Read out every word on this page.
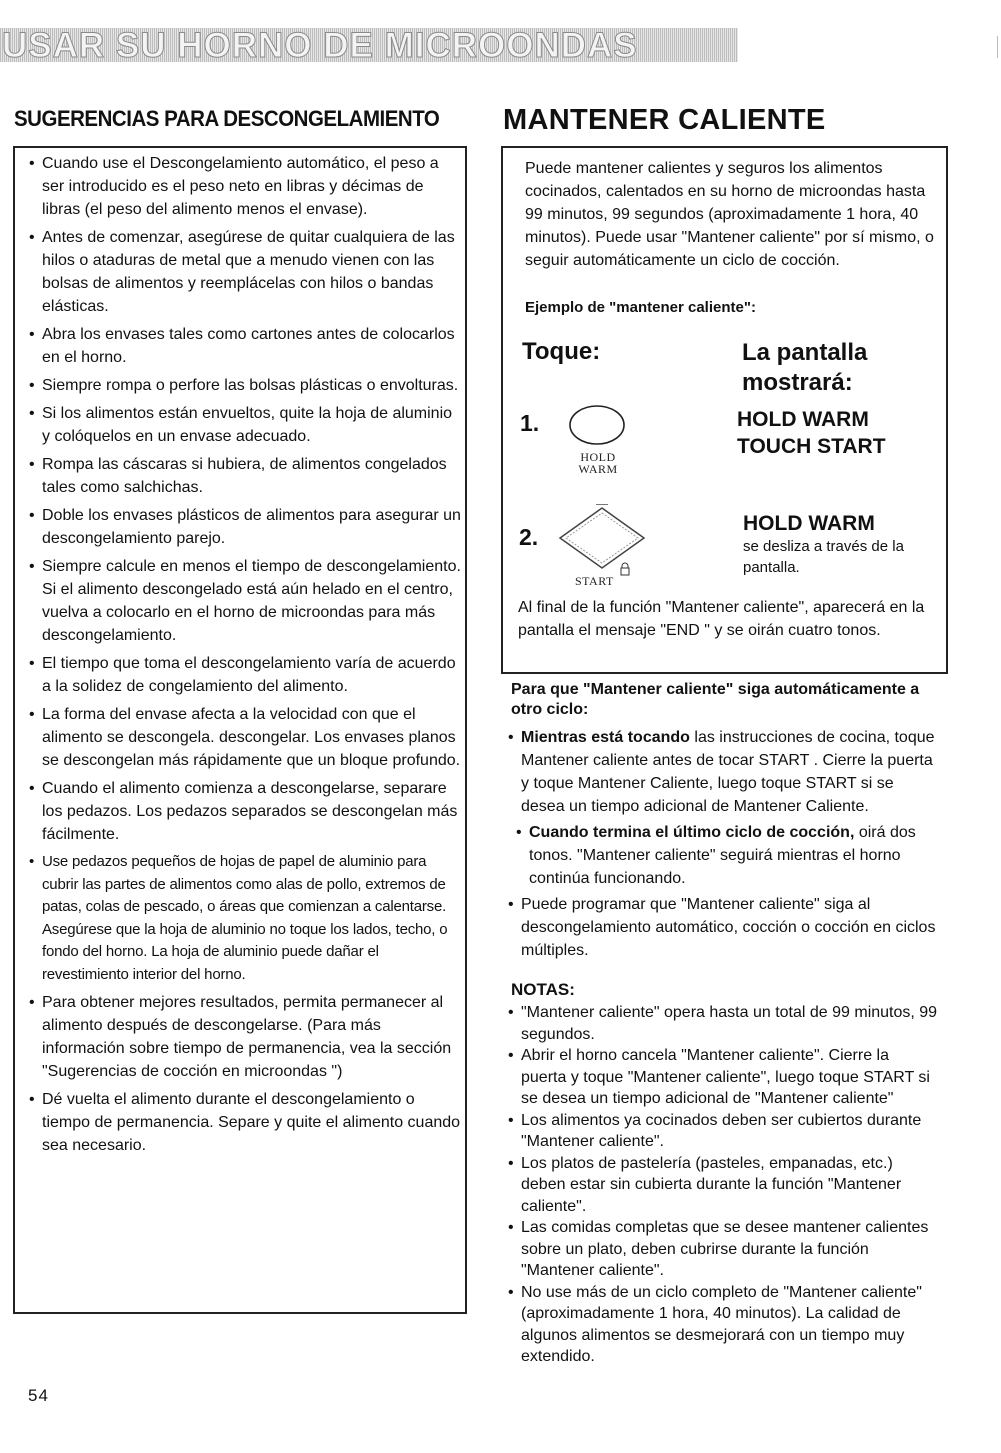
USAR SU HORNO DE MICROONDAS
SUGERENCIAS PARA DESCONGELAMIENTO	MANTENER CALIENTE
• Cuando use el Descongelamiento automático, el peso a ser introducido es el peso neto en libras y décimas de libras (el peso del alimento menos el envase).
• Antes de comenzar, asegúrese de quitar cualquiera de las hilos o ataduras de metal que a menudo vienen con las bolsas de alimentos y reemplácelas con hilos o bandas elásticas.
• Abra los envases tales como cartones antes de colocarlos en el horno.
• Siempre rompa o perfore las bolsas plásticas o envolturas.
• Si los alimentos están envueltos, quite la hoja de aluminio y colóquelos en un envase adecuado.
• Rompa las cáscaras si hubiera, de alimentos congelados tales como salchichas.
• Doble los envases plásticos de alimentos para asegurar un descongelamiento parejo.
• Siempre calcule en menos el tiempo de descongelamiento. Si el alimento descongelado está aún helado en el centro, vuelva a colocarlo en el horno de microondas para más descongelamiento.
• El tiempo que toma el descongelamiento varía de acuerdo a la solidez de congelamiento del alimento.
• La forma del envase afecta a la velocidad con que el alimento se descongela. descongelar. Los envases planos se descongelan más rápidamente que un bloque profundo.
• Cuando el alimento comienza a descongelarse, separare los pedazos. Los pedazos separados se descongelan más fácilmente.
• Use pedazos pequeños de hojas de papel de aluminio para cubrir las partes de alimentos como alas de pollo, extremos de patas, colas de pescado, o áreas que comienzan a calentarse. Asegúrese que la hoja de aluminio no toque los lados, techo, o fondo del horno. La hoja de aluminio puede dañar el revestimiento interior del horno.
• Para obtener mejores resultados, permita permanecer al alimento después de descongelarse. (Para más información sobre tiempo de permanencia, vea la sección "Sugerencias de cocción en microondas ")
• Dé vuelta el alimento durante el descongelamiento o tiempo de permanencia. Separe y quite el alimento cuando sea necesario.

Puede mantener calientes y seguros los alimentos cocinados, calentados en su horno de microondas hasta 99 minutos, 99 segundos (aproximadamente 1 hora, 40 minutos). Puede usar "Mantener caliente" por sí mismo, o seguir automáticamente un ciclo de cocción.

Ejemplo de "mantener caliente":

Toque:	La pantalla mostrará:

1.
HOLD
WARM
HOLD WARM
TOUCH START
2.
START
HOLD WARM
se desliza a través de la pantalla.

Al final de la función "Mantener caliente", aparecerá en la pantalla el mensaje "END " y se oirán cuatro tonos.

Para que "Mantener caliente" siga automáticamente a otro ciclo:

• Mientras está tocando las instrucciones de cocina, toque Mantener caliente antes de tocar START . Cierre la puerta y toque Mantener Caliente, luego toque START si se desea un tiempo adicional de Mantener Caliente.
• Cuando termina el último ciclo de cocción, oirá dos tonos. "Mantener caliente" seguirá mientras el horno continúa funcionando.
• Puede programar que "Mantener caliente" siga al descongelamiento automático, cocción o cocción en ciclos múltiples.

NOTAS:

• "Mantener caliente" opera hasta un total de 99 minutos, 99 segundos.
• Abrir el horno cancela "Mantener caliente". Cierre la puerta y toque "Mantener caliente", luego toque START si se desea un tiempo adicional de "Mantener caliente"
• Los alimentos ya cocinados deben ser cubiertos durante "Mantener caliente".
• Los platos de pastelería (pasteles, empanadas, etc.) deben estar sin cubierta durante la función "Mantener caliente".
• Las comidas completas que se desee mantener calientes sobre un plato, deben cubrirse durante la función "Mantener caliente".
• No use más de un ciclo completo de "Mantener caliente" (aproximadamente 1 hora, 40 minutos). La calidad de algunos alimentos se desmejorará con un tiempo muy extendido.
54
